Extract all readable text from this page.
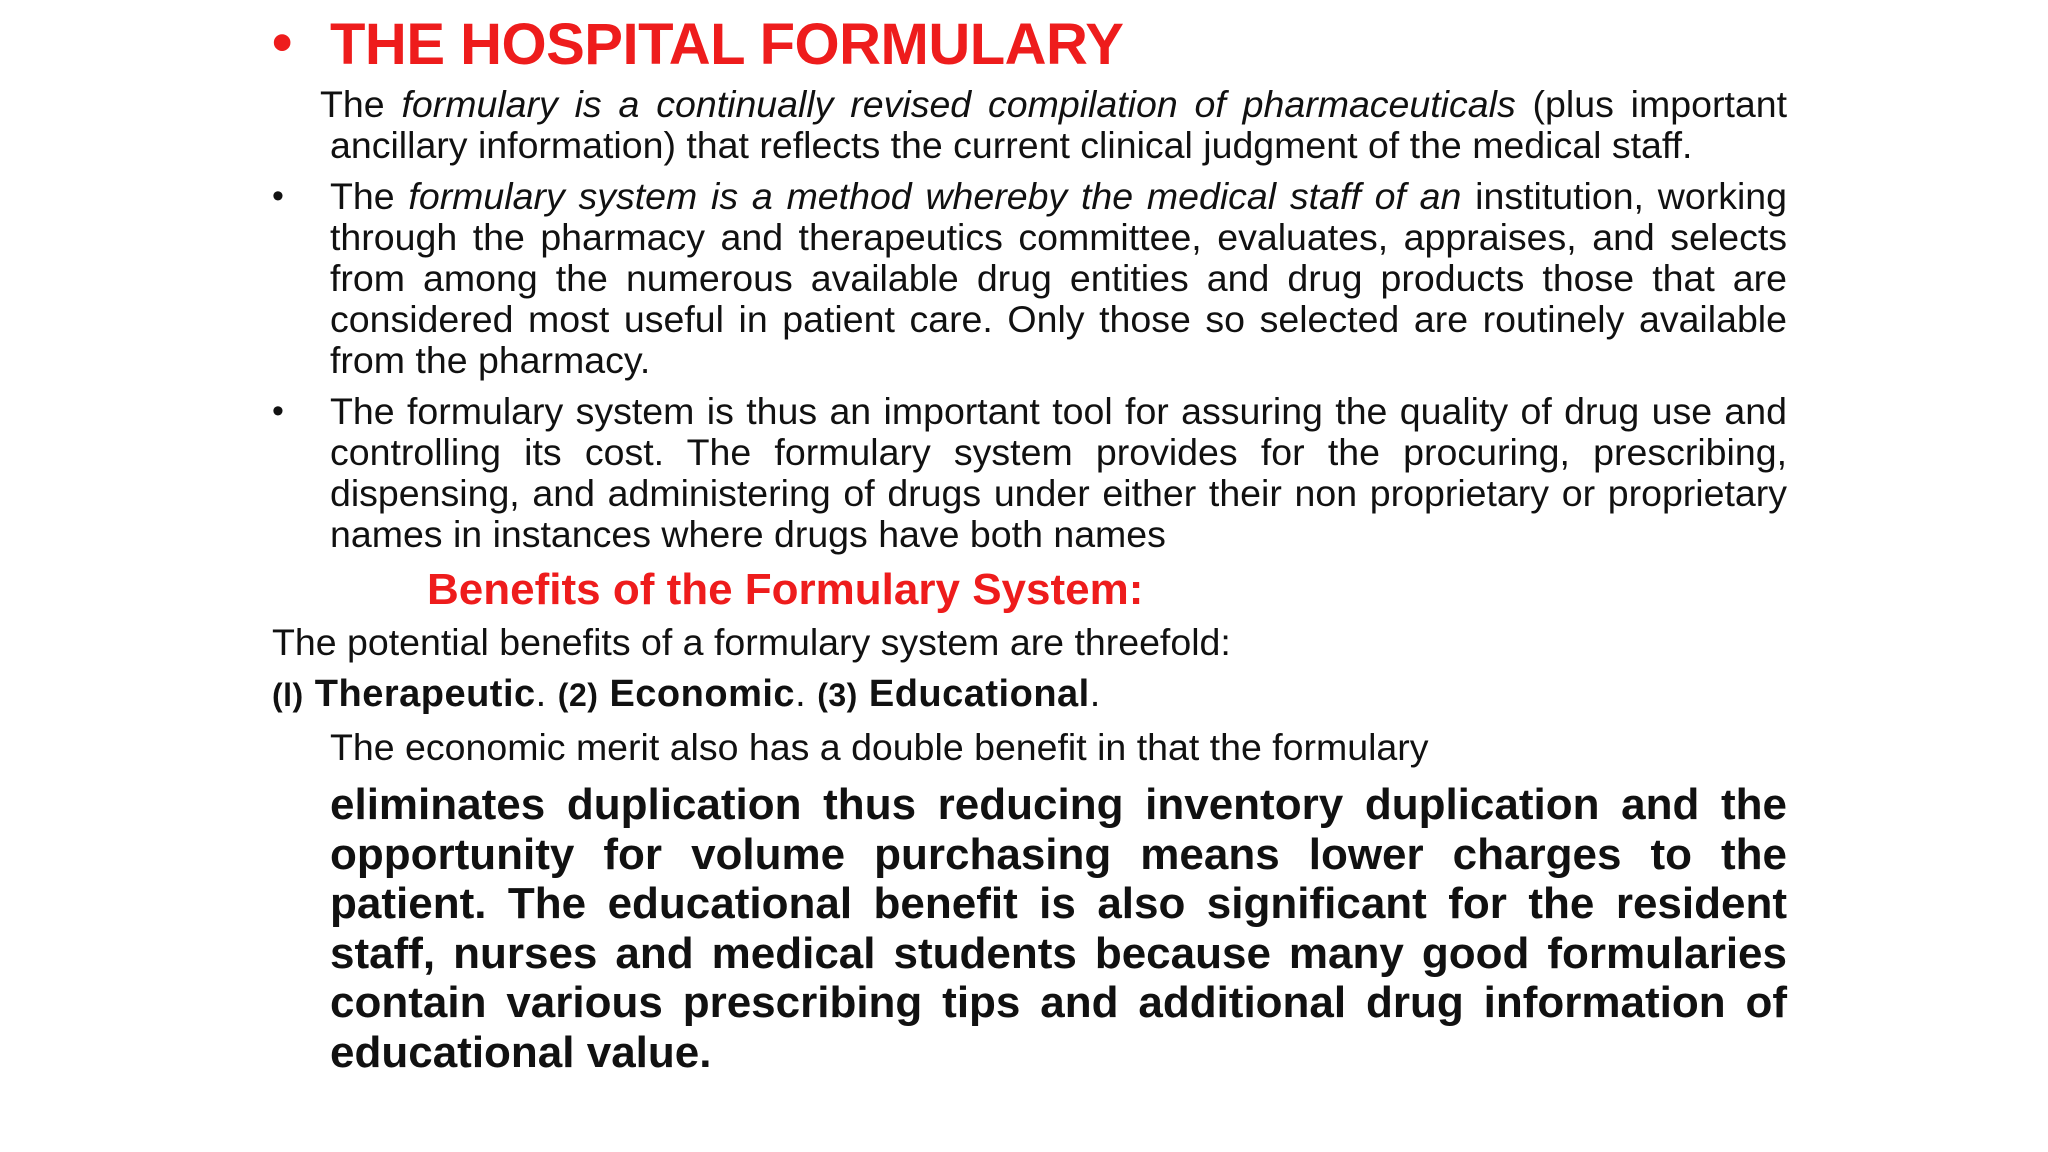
• THE HOSPITAL FORMULARY

The formulary is a continually revised compilation of pharmaceuticals (plus important ancillary information) that reflects the current clinical judgment of the medical staff.

• The formulary system is a method whereby the medical staff of an institution, working through the pharmacy and therapeutics committee, evaluates, appraises, and selects from among the numerous available drug entities and drug products those that are considered most useful in patient care. Only those so selected are routinely available from the pharmacy.

• The formulary system is thus an important tool for assuring the quality of drug use and controlling its cost. The formulary system provides for the procuring, prescribing, dispensing, and administering of drugs under either their non proprietary or proprietary names in instances where drugs have both names

Benefits of the Formulary System:

The potential benefits of a formulary system are threefold:

(l) Therapeutic. (2) Economic. (3) Educational.

The economic merit also has a double benefit in that the formulary

eliminates duplication thus reducing inventory duplication and the opportunity for volume purchasing means lower charges to the patient. The educational benefit is also significant for the resident staff, nurses and medical students because many good formularies contain various prescribing tips and additional drug information of educational value.
